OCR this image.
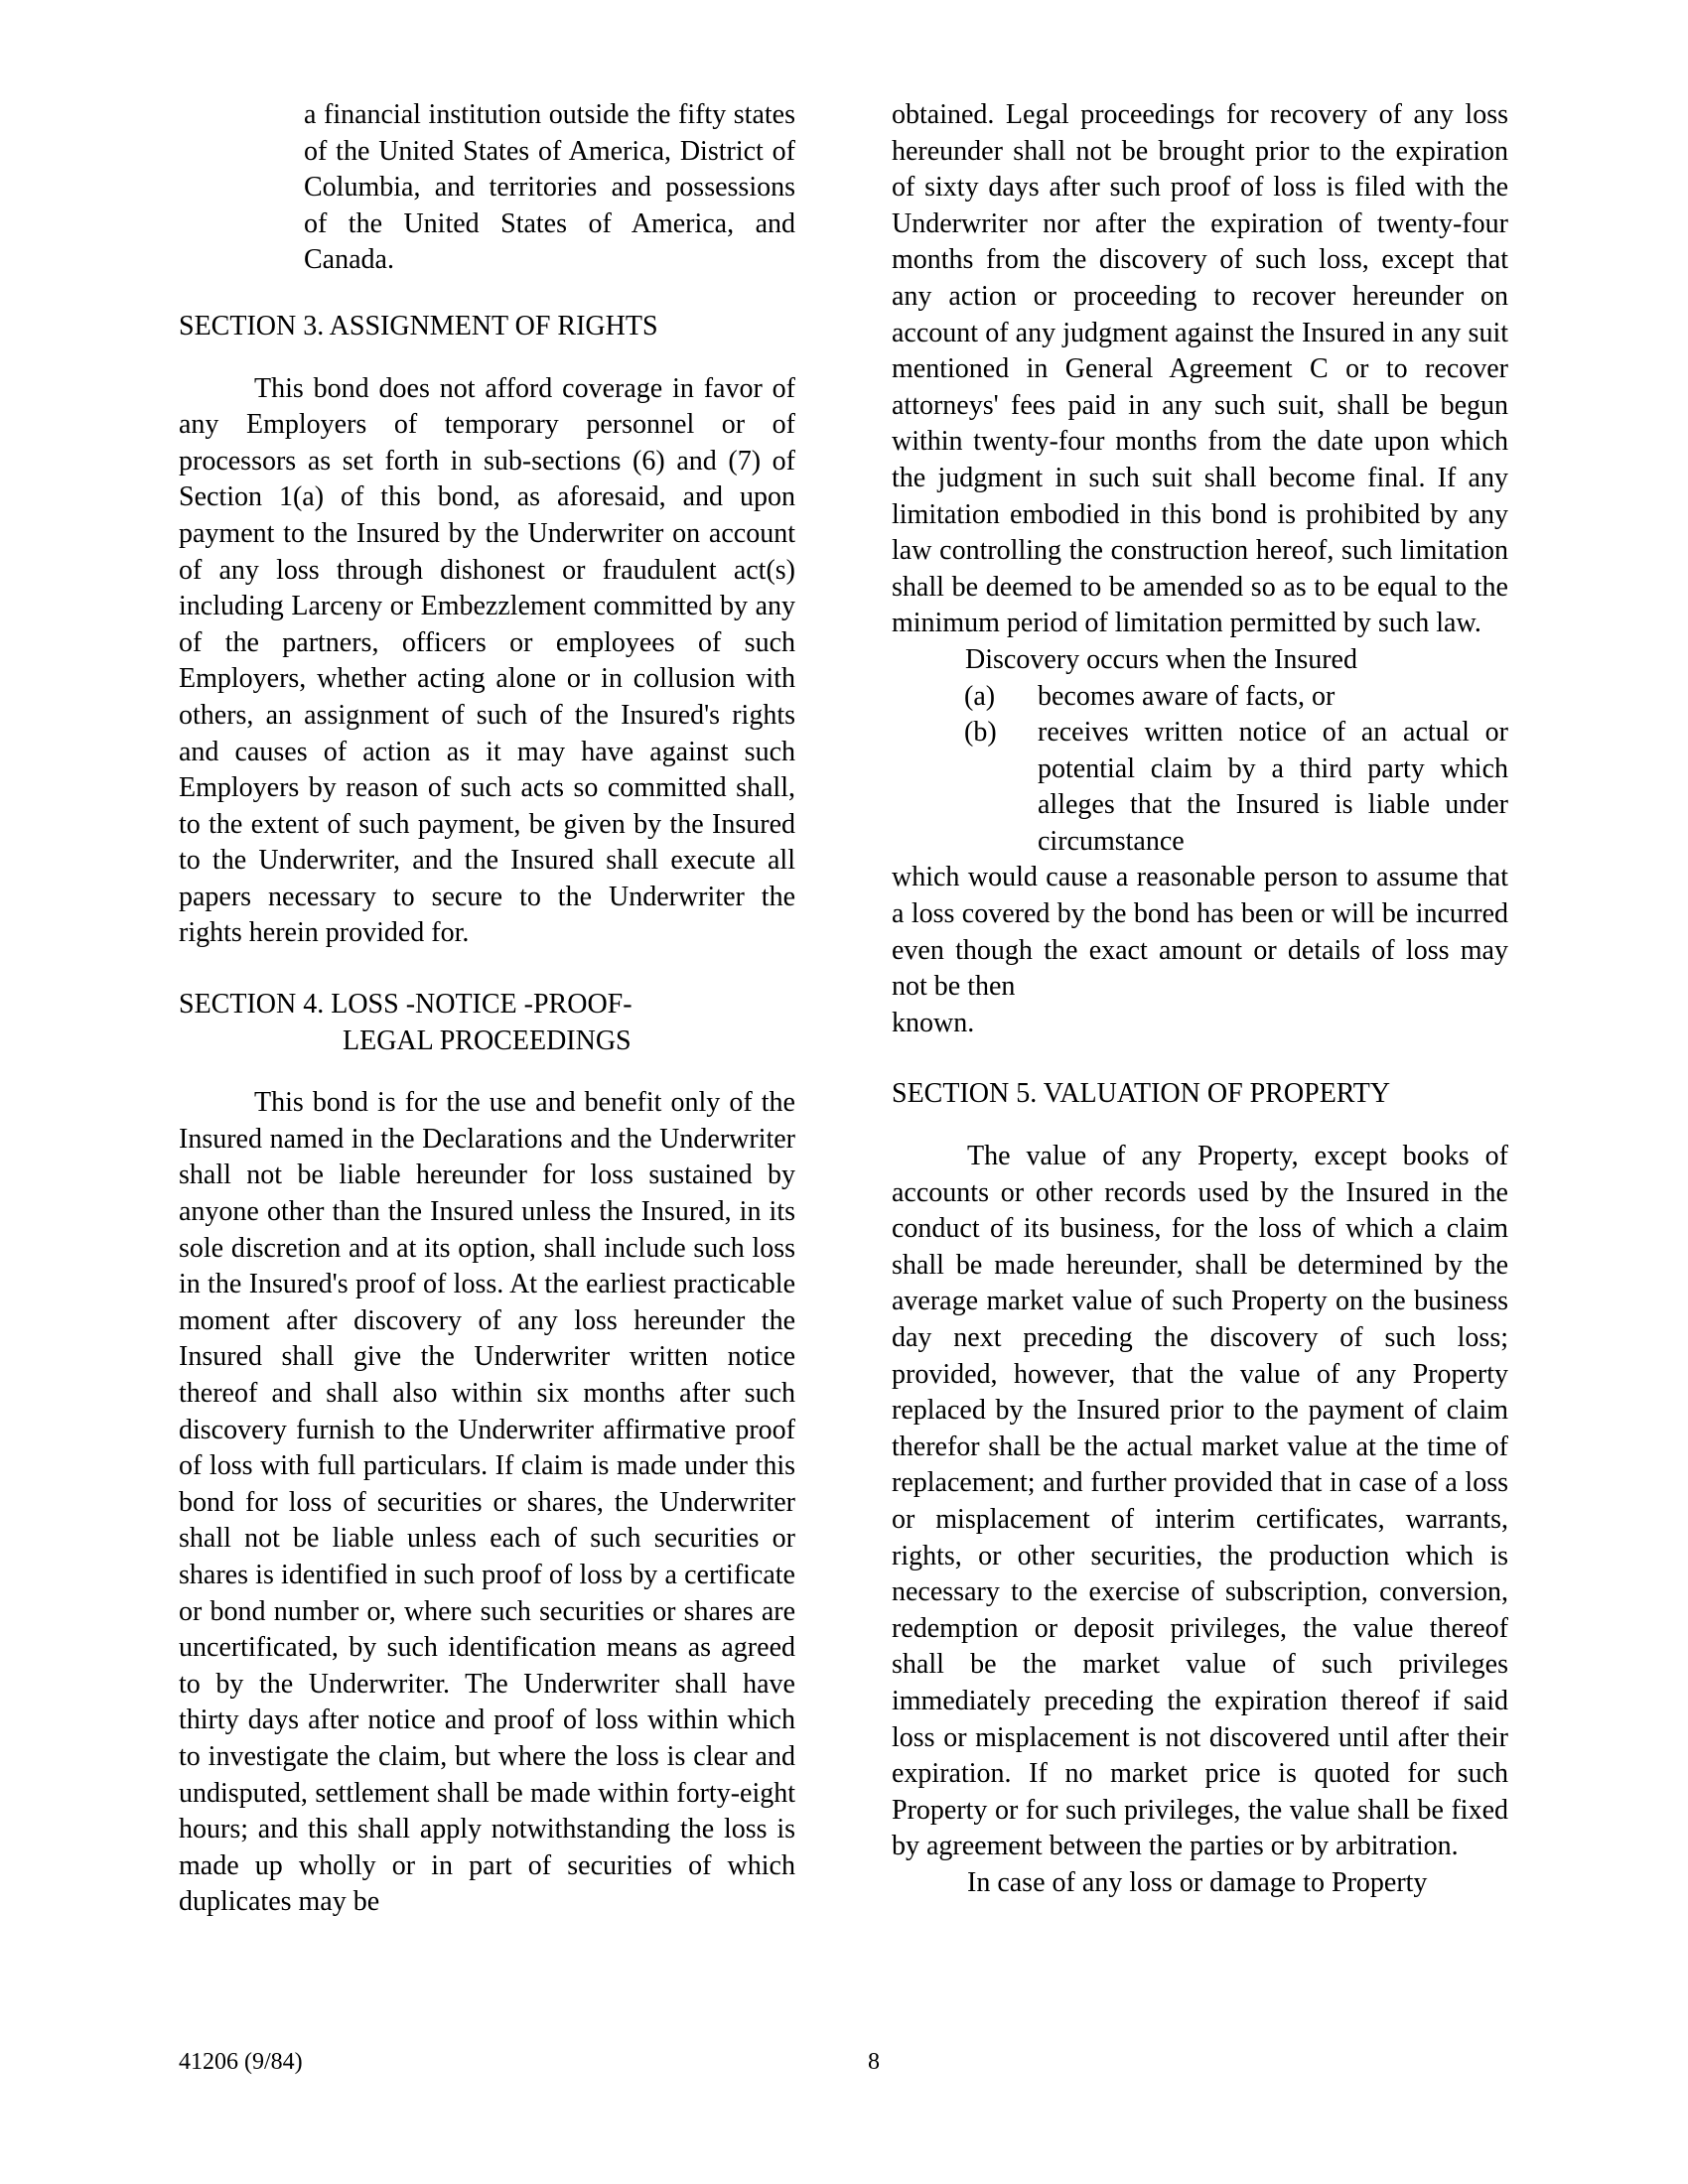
a financial institution outside the fifty states of the United States of America, District of Columbia, and territories and possessions of the United States of America, and Canada.

SECTION 3. ASSIGNMENT OF RIGHTS

This bond does not afford coverage in favor of any Employers of temporary personnel or of processors as set forth in sub-sections (6) and (7) of Section 1(a) of this bond, as aforesaid, and upon payment to the Insured by the Underwriter on account of any loss through dishonest or fraudulent act(s) including Larceny or Embezzlement committed by any of the partners, officers or employees of such Employers, whether acting alone or in collusion with others, an assignment of such of the Insured's rights and causes of action as it may have against such Employers by reason of such acts so committed shall, to the extent of such payment, be given by the Insured to the Underwriter, and the Insured shall execute all papers necessary to secure to the Underwriter the rights herein provided for.

SECTION 4. LOSS -NOTICE -PROOF-
LEGAL PROCEEDINGS

This bond is for the use and benefit only of the Insured named in the Declarations and the Underwriter shall not be liable hereunder for loss sustained by anyone other than the Insured unless the Insured, in its sole discretion and at its option, shall include such loss in the Insured's proof of loss. At the earliest practicable moment after discovery of any loss hereunder the Insured shall give the Underwriter written notice thereof and shall also within six months after such discovery furnish to the Underwriter affirmative proof of loss with full particulars. If claim is made under this bond for loss of securities or shares, the Underwriter shall not be liable unless each of such securities or shares is identified in such proof of loss by a certificate or bond number or, where such securities or shares are uncertificated, by such identification means as agreed to by the Underwriter. The Underwriter shall have thirty days after notice and proof of loss within which to investigate the claim, but where the loss is clear and undisputed, settlement shall be made within forty-eight hours; and this shall apply notwithstanding the loss is made up wholly or in part of securities of which duplicates may be

obtained. Legal proceedings for recovery of any loss hereunder shall not be brought prior to the expiration of sixty days after such proof of loss is filed with the Underwriter nor after the expiration of twenty-four months from the discovery of such loss, except that any action or proceeding to recover hereunder on account of any judgment against the Insured in any suit mentioned in General Agreement C or to recover attorneys' fees paid in any such suit, shall be begun within twenty-four months from the date upon which the judgment in such suit shall become final. If any limitation embodied in this bond is prohibited by any law controlling the construction hereof, such limitation shall be deemed to be amended so as to be equal to the minimum period of limitation permitted by such law.

Discovery occurs when the Insured

(a)	becomes aware of facts, or
(b)	receives written notice of an actual or potential claim by a third party which alleges that the Insured is liable under circumstance

which would cause a reasonable person to assume that a loss covered by the bond has been or will be incurred even though the exact amount or details of loss may not be then

known.

SECTION 5. VALUATION OF PROPERTY

The value of any Property, except books of accounts or other records used by the Insured in the conduct of its business, for the loss of which a claim shall be made hereunder, shall be determined by the average market value of such Property on the business day next preceding the discovery of such loss; provided, however, that the value of any Property replaced by the Insured prior to the payment of claim therefor shall be the actual market value at the time of replacement; and further provided that in case of a loss or misplacement of interim certificates, warrants, rights, or other securities, the production which is necessary to the exercise of subscription, conversion, redemption or deposit privileges, the value thereof shall be the market value of such privileges immediately preceding the expiration thereof if said loss or misplacement is not discovered until after their expiration. If no market price is quoted for such Property or for such privileges, the value shall be fixed by agreement between the parties or by arbitration.

In case of any loss or damage to Property

41206 (9/84)	8
